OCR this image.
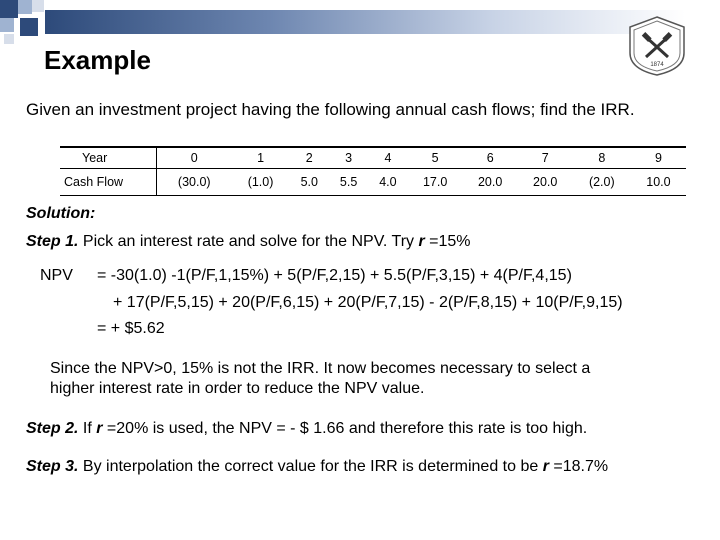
Example	1874
Given an investment project having the following annual cash flows; find the IRR.
Year	0	1	2	3	4	5	6	7	8	9
Cash Flow	(30.0)	(1.0)	5.0	5.5	4.0	17.0	20.0	20.0	(2.0)	10.0
Solution:
Step 1. Pick an interest rate and solve for the NPV. Try r =15%
NPV = -30(1.0) -1(P/F,1,15%) + 5(P/F,2,15) + 5.5(P/F,3,15) + 4(P/F,4,15)
+ 17(P/F,5,15) + 20(P/F,6,15) + 20(P/F,7,15) - 2(P/F,8,15) + 10(P/F,9,15)
= + $5.62
Since the NPV>0, 15% is not the IRR. It now becomes necessary to select a
higher interest rate in order to reduce the NPV value.
Step 2. If r =20% is used, the NPV = - $ 1.66 and therefore this rate is too high.
Step 3. By interpolation the correct value for the IRR is determined to be r =18.7%
